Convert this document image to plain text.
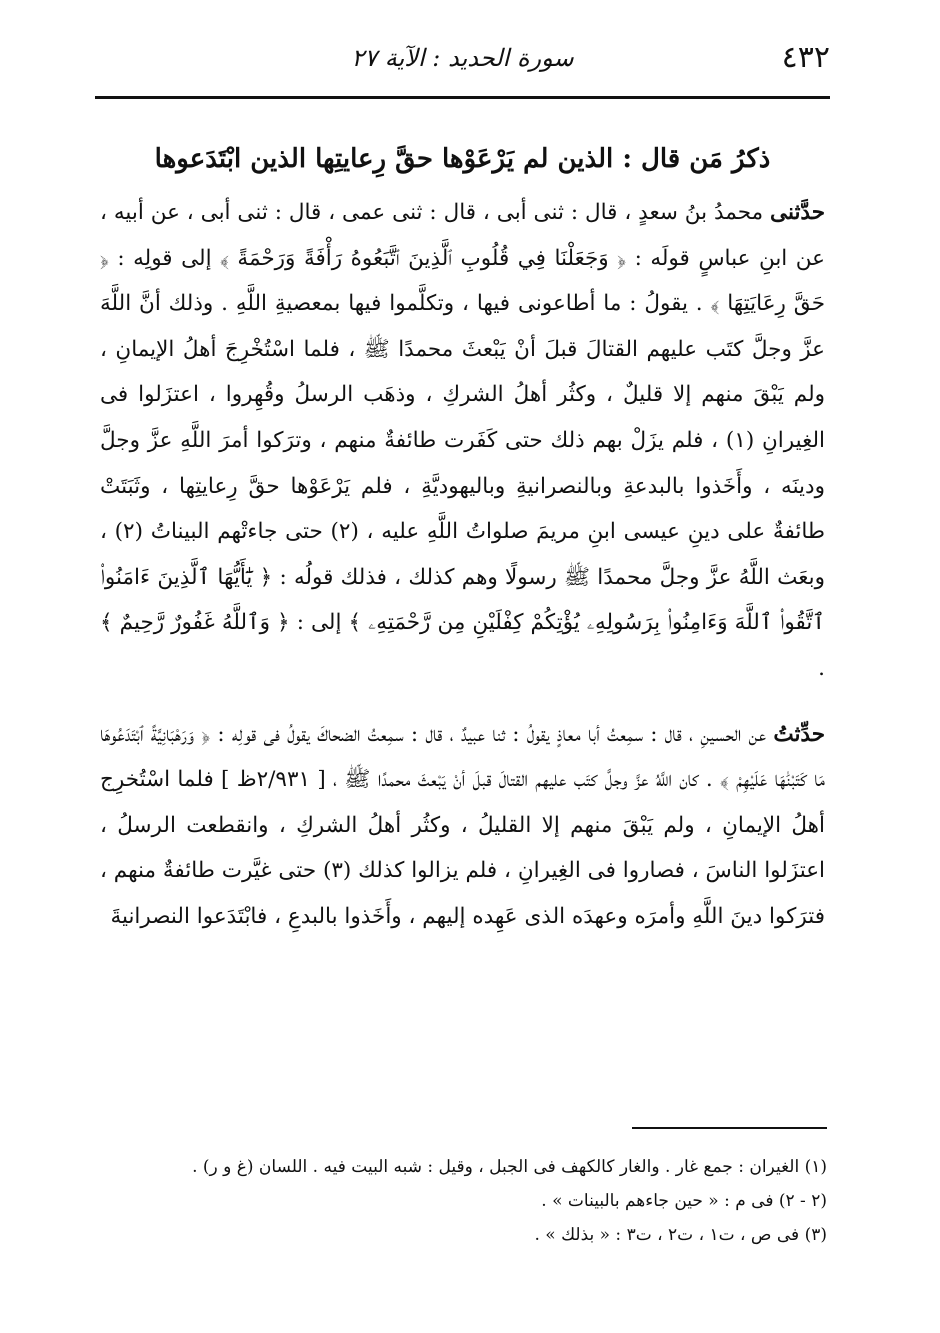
٤٣٢
سورة الحديد : الآية ٢٧
ذكرُ مَن قال : الذين لم يَرْعَوْها حقَّ رِعايتِها الذين ابْتَدَعوها

حدَّثنى محمدُ بنُ سعدٍ ، قال : ثنى أبى ، قال : ثنى عمى ، قال : ثنى أبى ، عن أبيه ، عن ابنِ عباسٍ قولَه : ﴿ وَجَعَلْنَا فِي قُلُوبِ ٱلَّذِينَ ٱتَّبَعُوهُ رَأْفَةً وَرَحْمَةً ﴾ إلى قولِه : ﴿ حَقَّ رِعَايَتِهَا ﴾ . يقولُ : ما أطاعونى فيها ، وتكلَّموا فيها بمعصيةِ اللَّهِ . وذلك أنَّ اللَّهَ عزَّ وجلَّ كتَب عليهم القتالَ قبلَ أنْ يَبْعثَ محمدًا ﷺ ، فلما اسْتُخْرِجَ أهلُ الإيمانِ ، ولم يَبْقَ منهم إلا قليلٌ ، وكثُر أهلُ الشركِ ، وذهَب الرسلُ وقُهِروا ، اعتزَلوا فى الغِيرانِ (١) ، فلم يزَلْ بهم ذلك حتى كَفَرت طائفةٌ منهم ، وترَكوا أمرَ اللَّهِ عزَّ وجلَّ ودينَه ، وأَخَذوا بالبدعةِ وبالنصرانيةِ وباليهوديَّةِ ، فلم يَرْعَوْها حقَّ رِعايتِها ، وثَبَتَتْ طائفةٌ على دينِ عيسى ابنِ مريمَ صلواتُ اللَّهِ عليه ، (٢) حتى جاءتْهم البيناتُ (٢) ، وبعَث اللَّهُ عزَّ وجلَّ محمدًا ﷺ رسولًا وهم كذلك ، فذلك قولُه : ﴿ يَٰٓأَيُّهَا ٱلَّذِينَ ءَامَنُوا۟ ٱتَّقُوا۟ ٱللَّهَ وَءَامِنُوا۟ بِرَسُولِهِۦ يُؤْتِكُمْ كِفْلَيْنِ مِن رَّحْمَتِهِۦ ﴾ إلى : ﴿ وَٱللَّهُ غَفُورٌ رَّحِيمٌ ﴾ .

حدِّثتُ عن الحسينِ ، قال : سمِعتُ أبا معاذٍ يقولُ : ثنا عبيدٌ ، قال : سمِعتُ الضحاكَ يقولُ فى قولِه : ﴿ وَرَهْبَانِيَّةً ٱبْتَدَعُوهَا مَا كَتَبْنَٰهَا عَلَيْهِمْ ﴾ . كان اللَّهُ عزَّ وجلَّ كتَب عليهم القتالَ قبلَ أنْ يَبْعثَ محمدًا ﷺ ، [ ٢/٩٣١ظ ] فلما اسْتُخرِج أهلُ الإيمانِ ، ولم يَبْقَ منهم إلا القليلُ ، وكثُر أهلُ الشركِ ، وانقطعت الرسلُ ، اعتزَلوا الناسَ ، فصاروا فى الغِيرانِ ، فلم يزالوا كذلك (٣) حتى غيَّرت طائفةٌ منهم ، فترَكوا دينَ اللَّهِ وأمرَه وعهدَه الذى عَهِده إليهم ، وأَخَذوا بالبدعِ ، فابْتَدَعوا النصرانيةَ

(١) الغيران : جمع غار . والغار كالكهف فى الجبل ، وقيل : شبه البيت فيه . اللسان (غ و ر) .

(٢ - ٢) فى م : « حين جاءهم بالبينات » .

(٣) فى ص ، ت١ ، ت٢ ، ت٣ : « بذلك » .
